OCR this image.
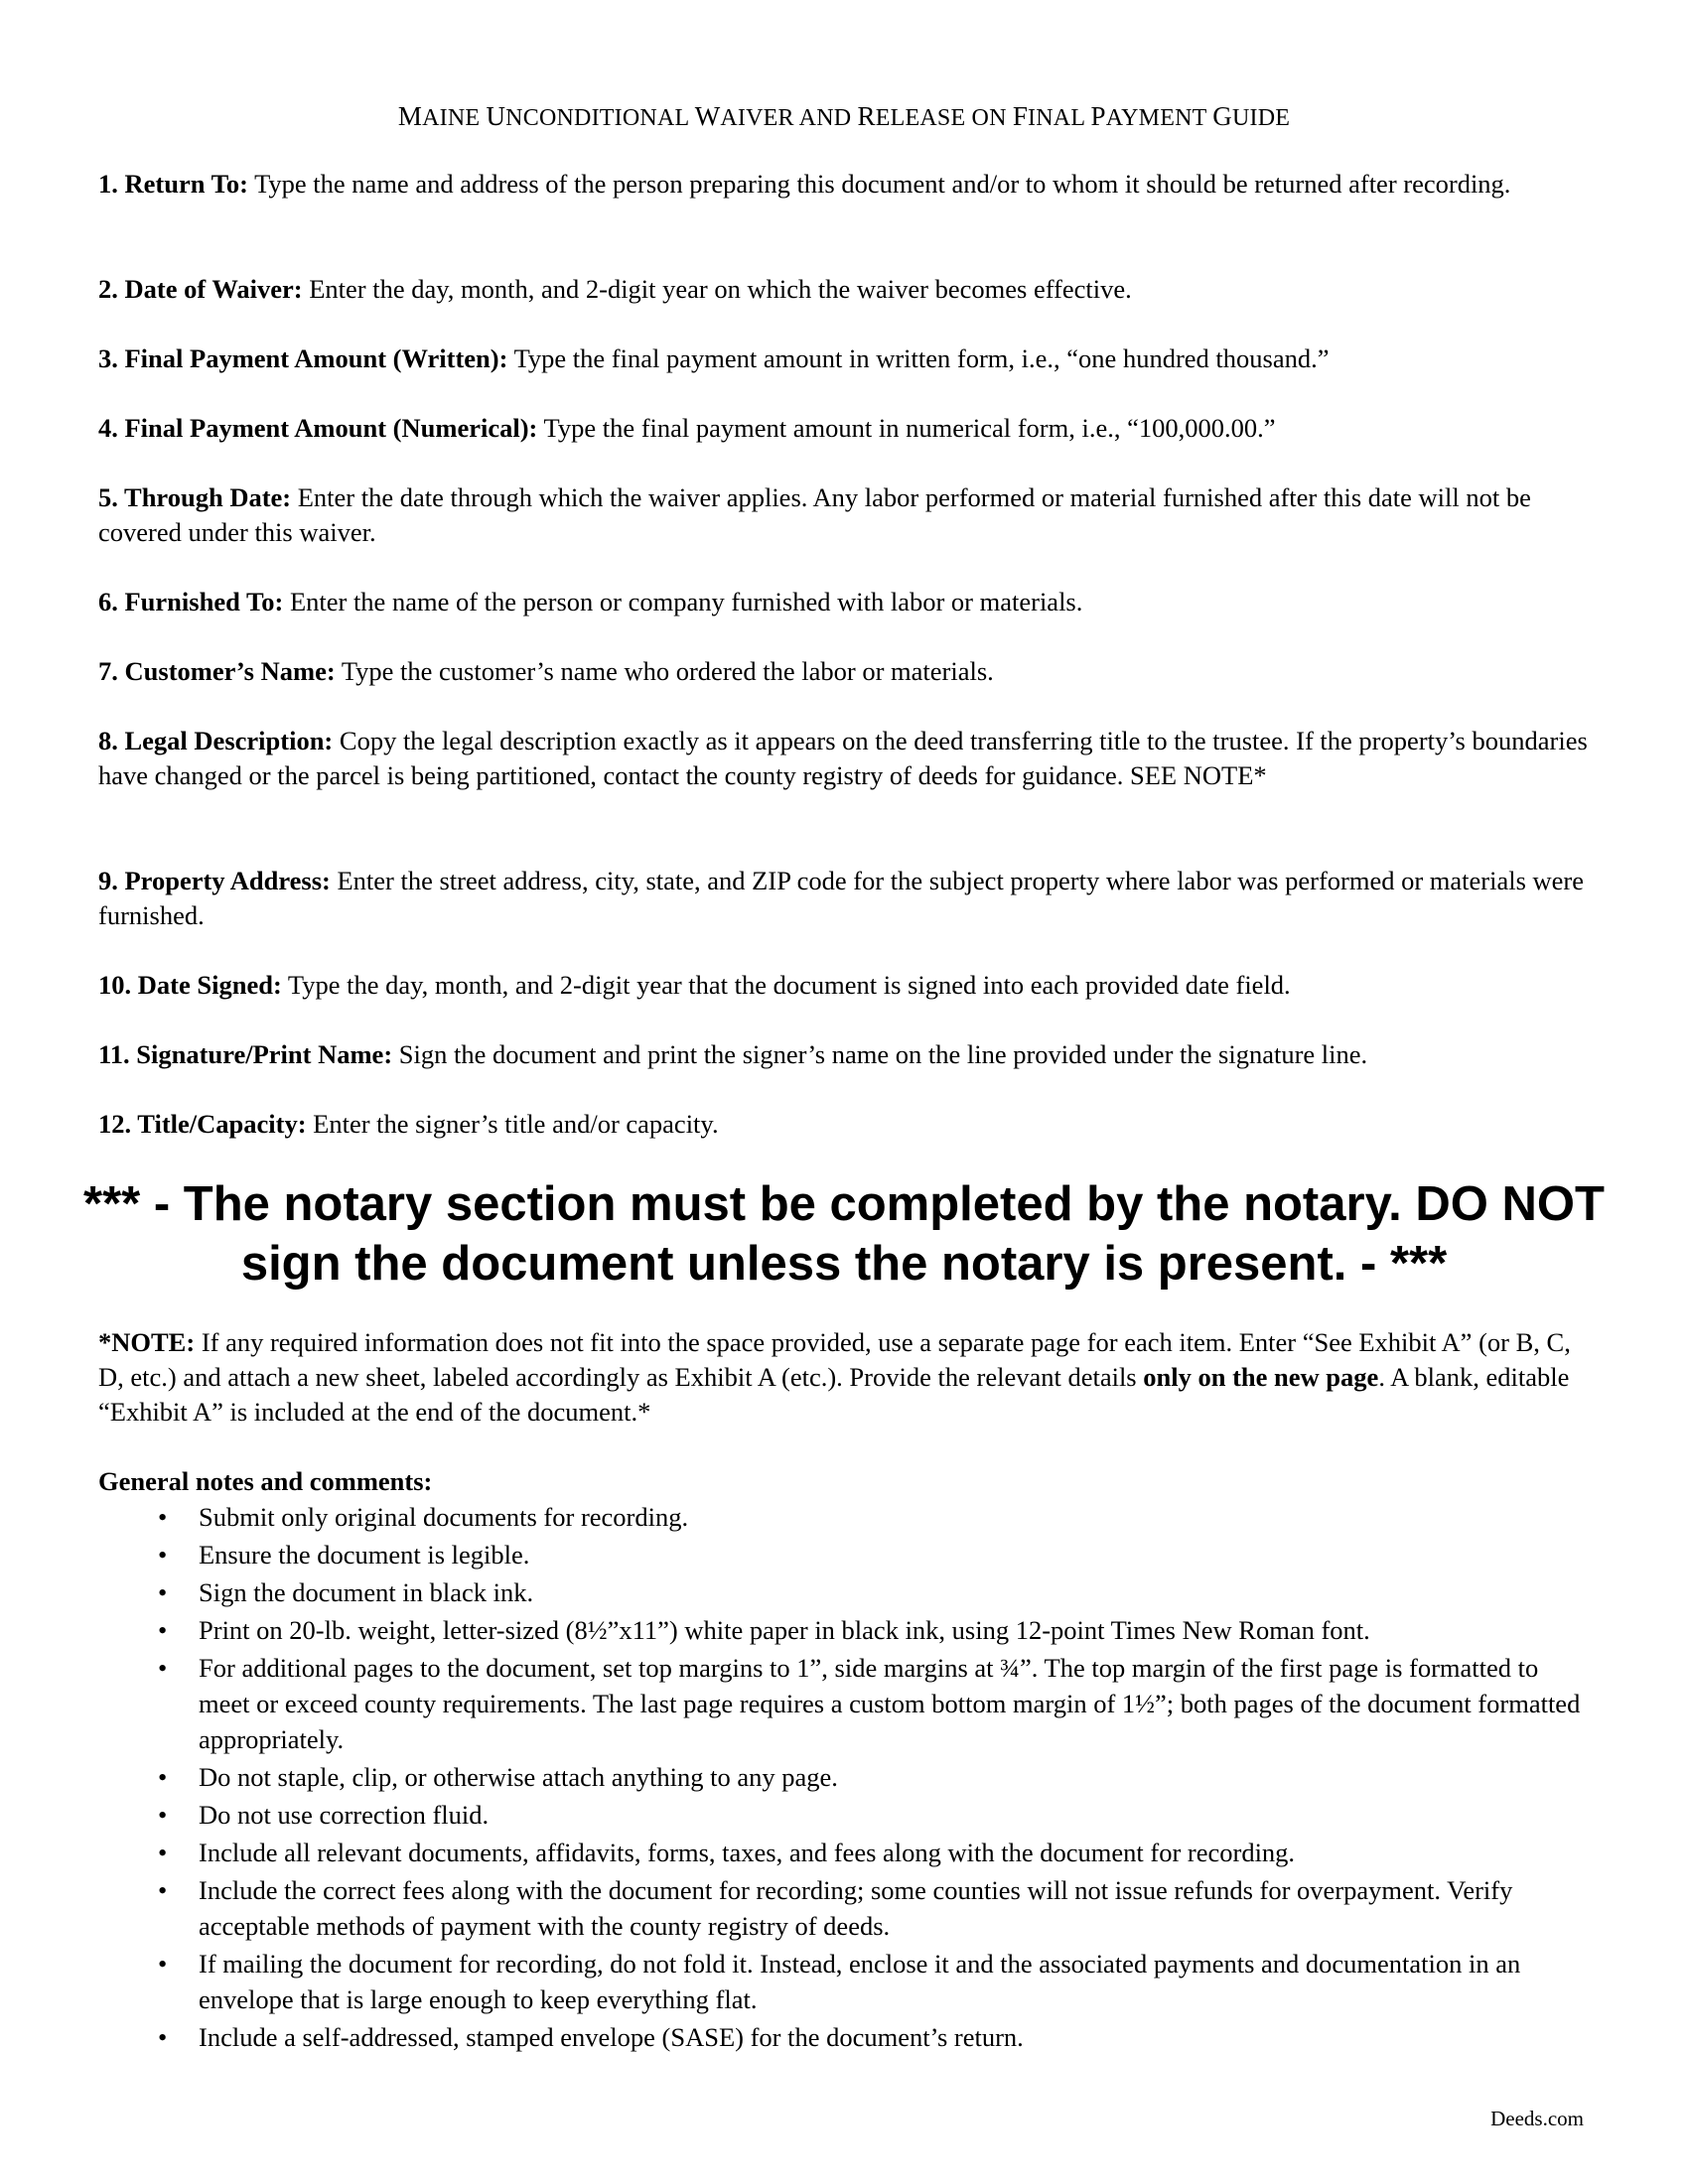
MAINE UNCONDITIONAL WAIVER AND RELEASE ON FINAL PAYMENT GUIDE
1. Return To: Type the name and address of the person preparing this document and/or to whom it should be returned after recording.
2. Date of Waiver: Enter the day, month, and 2-digit year on which the waiver becomes effective.
3. Final Payment Amount (Written): Type the final payment amount in written form, i.e., “one hundred thousand.”
4. Final Payment Amount (Numerical): Type the final payment amount in numerical form, i.e., “100,000.00.”
5. Through Date: Enter the date through which the waiver applies. Any labor performed or material furnished after this date will not be covered under this waiver.
6. Furnished To: Enter the name of the person or company furnished with labor or materials.
7. Customer’s Name: Type the customer’s name who ordered the labor or materials.
8. Legal Description: Copy the legal description exactly as it appears on the deed transferring title to the trustee. If the property’s boundaries have changed or the parcel is being partitioned, contact the county registry of deeds for guidance. SEE NOTE*
9. Property Address: Enter the street address, city, state, and ZIP code for the subject property where labor was performed or materials were furnished.
10. Date Signed: Type the day, month, and 2-digit year that the document is signed into each provided date field.
11. Signature/Print Name: Sign the document and print the signer’s name on the line provided under the signature line.
12. Title/Capacity: Enter the signer’s title and/or capacity.
*** - The notary section must be completed by the notary. DO NOT sign the document unless the notary is present. - ***
*NOTE: If any required information does not fit into the space provided, use a separate page for each item. Enter “See Exhibit A” (or B, C, D, etc.) and attach a new sheet, labeled accordingly as Exhibit A (etc.). Provide the relevant details only on the new page. A blank, editable “Exhibit A” is included at the end of the document.*
General notes and comments:
• Submit only original documents for recording.
• Ensure the document is legible.
• Sign the document in black ink.
• Print on 20-lb. weight, letter-sized (8½”x11”) white paper in black ink, using 12-point Times New Roman font.
• For additional pages to the document, set top margins to 1”, side margins at ¾”. The top margin of the first page is formatted to meet or exceed county requirements. The last page requires a custom bottom margin of 1½”; both pages of the document formatted appropriately.
• Do not staple, clip, or otherwise attach anything to any page.
• Do not use correction fluid.
• Include all relevant documents, affidavits, forms, taxes, and fees along with the document for recording.
• Include the correct fees along with the document for recording; some counties will not issue refunds for overpayment. Verify acceptable methods of payment with the county registry of deeds.
• If mailing the document for recording, do not fold it. Instead, enclose it and the associated payments and documentation in an envelope that is large enough to keep everything flat.
• Include a self-addressed, stamped envelope (SASE) for the document’s return.
Deeds.com
